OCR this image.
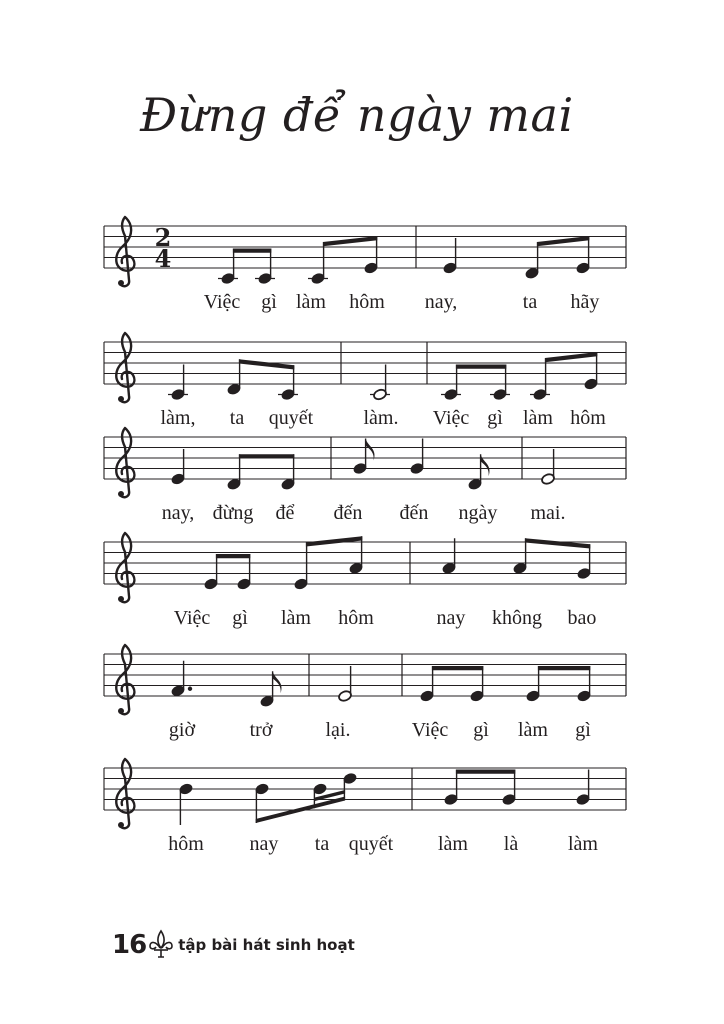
Đừng để ngày mai
2
4
Việc gì làm hôm nay,	ta hãy
làm, ta quyết	làm. Việc gì làm hôm
nay, đừng để đến đến ngày mai.
Việc gì làm hôm	nay không bao
giờ	trở	lại.	Việc gì làm gì
hôm nay ta quyết làm là làm
16 tập bài hát sinh hoạt
